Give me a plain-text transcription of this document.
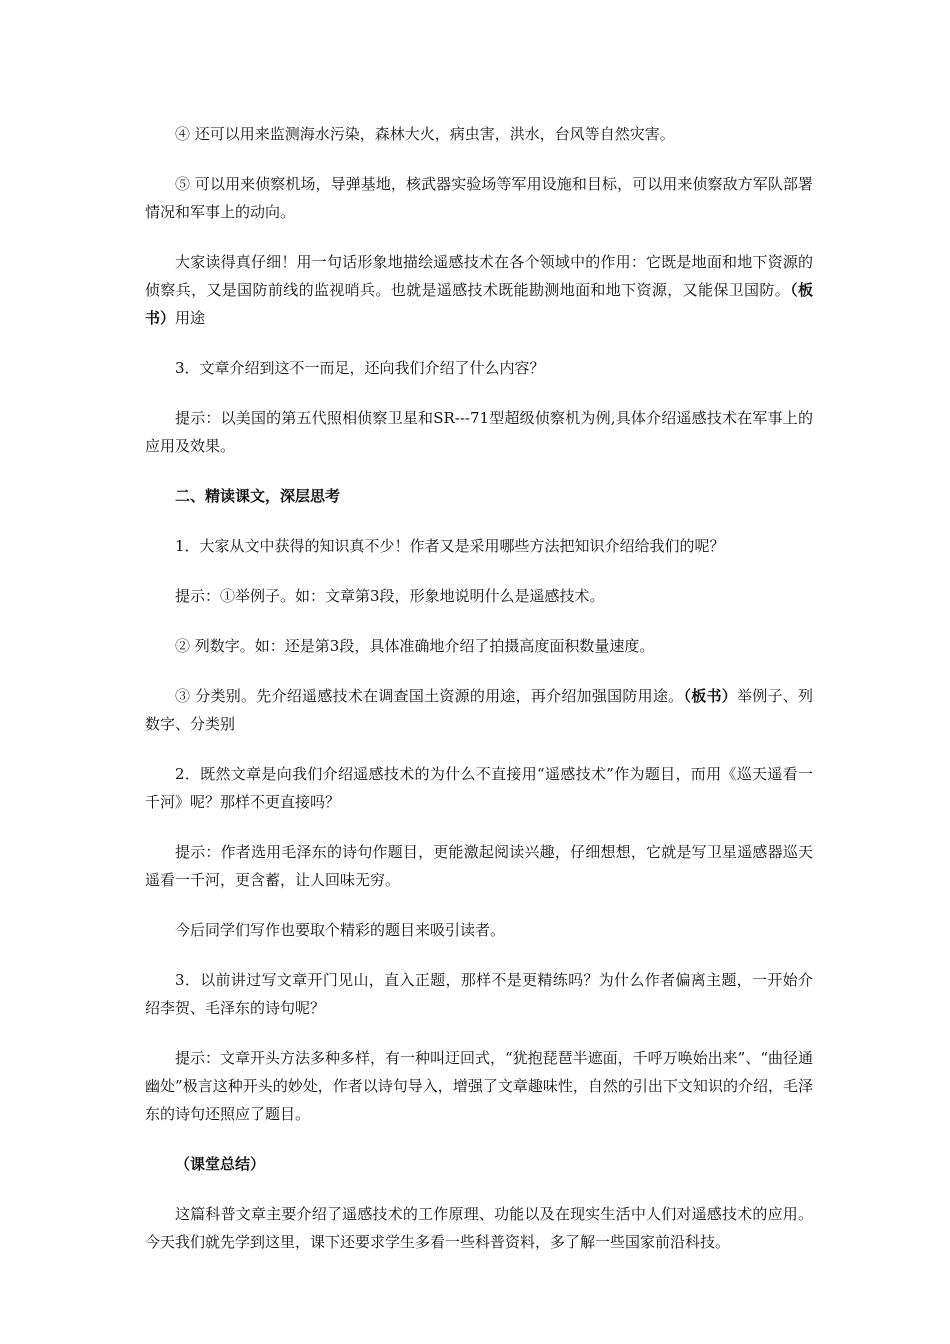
④ 还可以用来监测海水污染，森林大火，病虫害，洪水，台风等自然灾害。

⑤ 可以用来侦察机场，导弹基地，核武器实验场等军用设施和目标，可以用来侦察敌方军队部署情况和军事上的动向。

大家读得真仔细！用一句话形象地描绘遥感技术在各个领域中的作用：它既是地面和地下资源的侦察兵，又是国防前线的监视哨兵。也就是遥感技术既能勘测地面和地下资源，又能保卫国防。（板书）用途

3．文章介绍到这不一而足，还向我们介绍了什么内容？

提示：以美国的第五代照相侦察卫星和SR---71型超级侦察机为例,具体介绍遥感技术在军事上的应用及效果。

二、精读课文，深层思考

1．大家从文中获得的知识真不少！作者又是采用哪些方法把知识介绍给我们的呢？

提示：①举例子。如：文章第3段，形象地说明什么是遥感技术。

② 列数字。如：还是第3段，具体准确地介绍了拍摄高度面积数量速度。

③ 分类别。先介绍遥感技术在调查国土资源的用途，再介绍加强国防用途。（板书）举例子、列数字、分类别

2．既然文章是向我们介绍遥感技术的为什么不直接用“遥感技术”作为题目，而用《巡天遥看一千河》呢？那样不更直接吗？

提示：作者选用毛泽东的诗句作题目，更能激起阅读兴趣，仔细想想，它就是写卫星遥感器巡天遥看一千河，更含蓄，让人回味无穷。

今后同学们写作也要取个精彩的题目来吸引读者。

3．以前讲过写文章开门见山，直入正题，那样不是更精练吗？为什么作者偏离主题，一开始介绍李贺、毛泽东的诗句呢？

提示：文章开头方法多种多样，有一种叫迂回式，“犹抱琵琶半遮面，千呼万唤始出来”、“曲径通幽处”极言这种开头的妙处，作者以诗句导入，增强了文章趣味性，自然的引出下文知识的介绍，毛泽东的诗句还照应了题目。

（课堂总结）

这篇科普文章主要介绍了遥感技术的工作原理、功能以及在现实生活中人们对遥感技术的应用。今天我们就先学到这里，课下还要求学生多看一些科普资料，多了解一些国家前沿科技。
